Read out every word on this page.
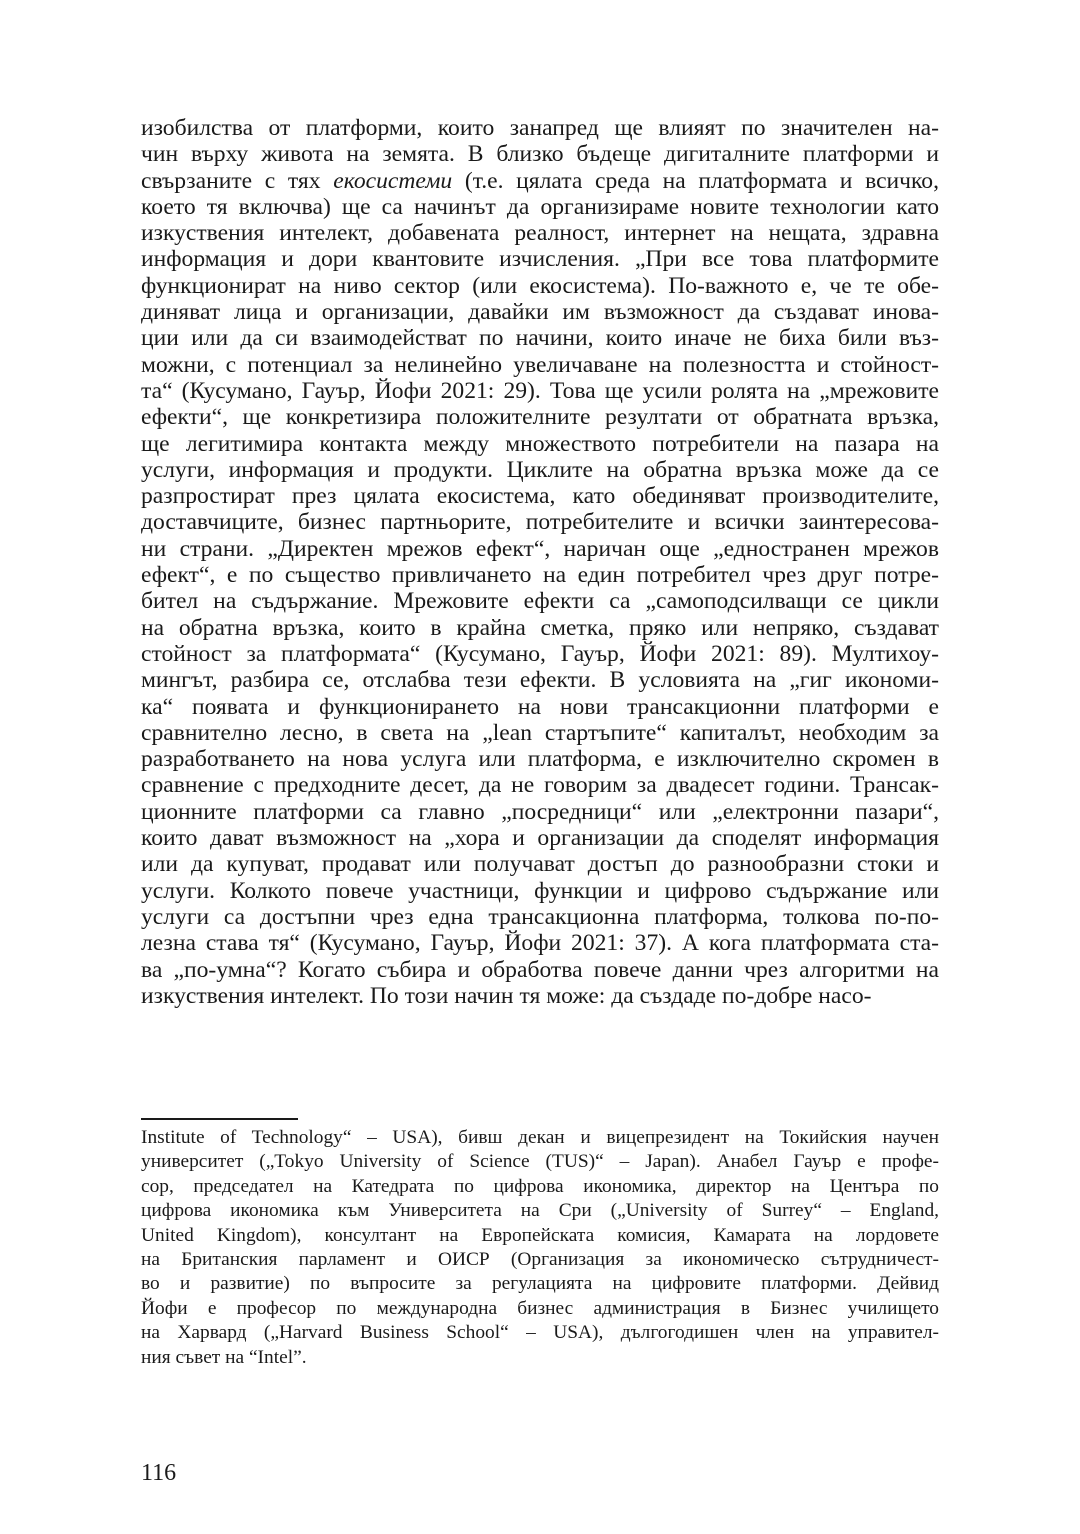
изобилства от платформи, които занапред ще влияят по значителен на-
чин върху живота на земята. В близко бъдеще дигиталните платформи и
свързаните с тях екосистеми (т.е. цялата среда на платформата и всичко,
което тя включва) ще са начинът да организираме новите технологии като
изкуствения интелект, добавената реалност, интернет на нещата, здравна
информация и дори квантовите изчисления. „При все това платформите
функционират на ниво сектор (или екосистема). По-важното е, че те обе-
диняват лица и организации, давайки им възможност да създават инова-
ции или да си взаимодействат по начини, които иначе не биха били въз-
можни, с потенциал за нелинейно увеличаване на полезността и стойност-
та“ (Кусумано, Гауър, Йофи 2021: 29). Това ще усили ролята на „мрежовите
ефекти“, ще конкретизира положителните резултати от обратната връзка,
ще легитимира контакта между множеството потребители на пазара на
услуги, информация и продукти. Циклите на обратна връзка може да се
разпростират през цялата екосистема, като обединяват производителите,
доставчиците, бизнес партньорите, потребителите и всички заинтересова-
ни страни. „Директен мрежов ефект“, наричан още „едностранен мрежов
ефект“, е по същество привличането на един потребител чрез друг потре-
бител на съдържание. Мрежовите ефекти са „самоподсилващи се цикли
на обратна връзка, които в крайна сметка, пряко или непряко, създават
стойност за платформата“ (Кусумано, Гауър, Йофи 2021: 89). Мултихоу-
мингът, разбира се, отслабва тези ефекти. В условията на „гиг икономи-
ка“ появата и функционирането на нови трансакционни платформи е
сравнително лесно, в света на „lean стартъпите“ капиталът, необходим за
разработването на нова услуга или платформа, е изключително скромен в
сравнение с предходните десет, да не говорим за двадесет години. Трансак-
ционните платформи са главно „посредници“ или „електронни пазари“,
които дават възможност на „хора и организации да споделят информация
или да купуват, продават или получават достъп до разнообразни стоки и
услуги. Колкото повече участници, функции и цифрово съдържание или
услуги са достъпни чрез една трансакционна платформа, толкова по-по-
лезна става тя“ (Кусумано, Гауър, Йофи 2021: 37). А кога платформата ста-
ва „по-умна“? Когато събира и обработва повече данни чрез алгоритми на
изкуствения интелект. По този начин тя може: да създаде по-добре насо-
Institute of Technology“ – USA), бивш декан и вицепрезидент на Токийския научен
университет („Tokyo University of Science (TUS)“ – Japan). Анабел Гауър е профе-
сор, председател на Катедрата по цифрова икономика, директор на Центъра по
цифрова икономика към Университета на Сри („University of Surrey“ – England,
United Kingdom), консултант на Европейската комисия, Камарата на лордовете
на Британския парламент и ОИСР (Организация за икономическо сътрудничест-
во и развитие) по въпросите за регулацията на цифровите платформи. Дейвид
Йофи е професор по международна бизнес администрация в Бизнес училището
на Харвард („Harvard Business School“ – USA), дългогодишен член на управител-
ния съвет на “Intel”.
116
